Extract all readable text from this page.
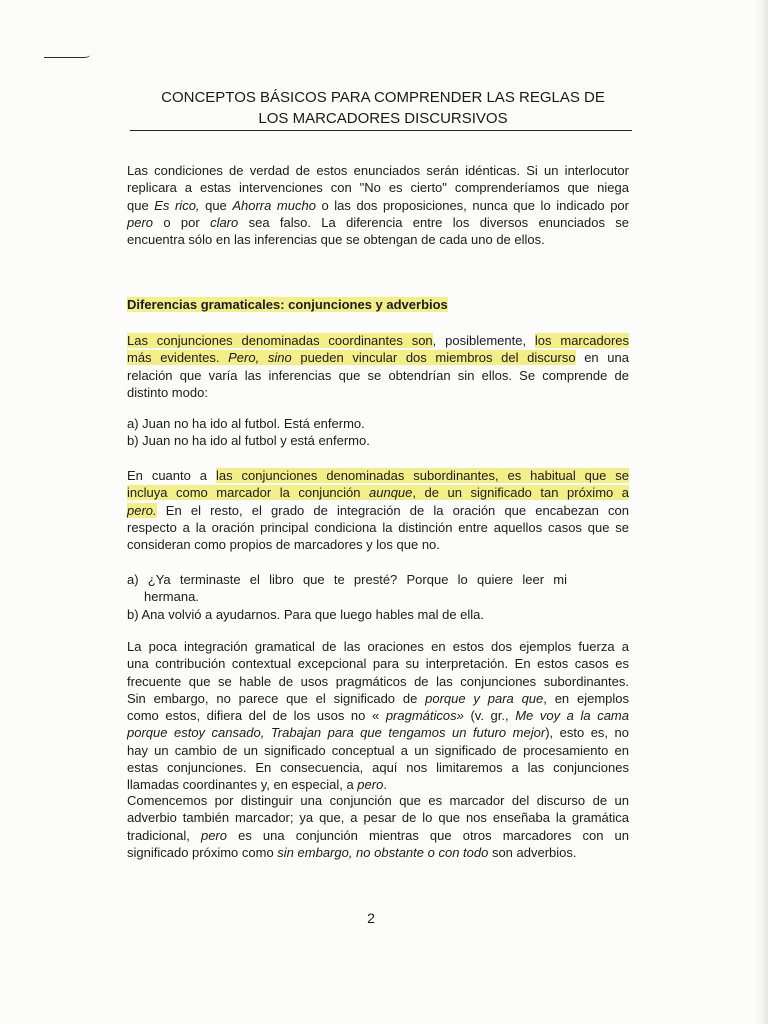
CONCEPTOS BÁSICOS PARA COMPRENDER LAS REGLAS DE
LOS MARCADORES DISCURSIVOS
Las condiciones de verdad de estos enunciados serán idénticas. Si un interlocutor
replicara a estas intervenciones con "No es cierto" comprenderíamos que niega
que Es rico, que Ahorra mucho o las dos proposiciones, nunca que lo indicado por
pero o por claro sea falso. La diferencia entre los diversos enunciados se
encuentra sólo en las inferencias que se obtengan de cada uno de ellos.
Diferencias gramaticales: conjunciones y adverbios
Las conjunciones denominadas coordinantes son, posiblemente, los marcadores
más evidentes. Pero, sino pueden vincular dos miembros del discurso en una
relación que varía las inferencias que se obtendrían sin ellos. Se comprende de
distinto modo:
a) Juan no ha ido al futbol. Está enfermo.
b) Juan no ha ido al futbol y está enfermo.
En cuanto a las conjunciones denominadas subordinantes, es habitual que se
incluya como marcador la conjunción aunque, de un significado tan próximo a
pero. En el resto, el grado de integración de la oración que encabezan con
respecto a la oración principal condiciona la distinción entre aquellos casos que se
consideran como propios de marcadores y los que no.
a) ¿Ya terminaste el libro que te presté? Porque lo quiere leer mi
hermana.
b) Ana volvió a ayudarnos. Para que luego hables mal de ella.
La poca integración gramatical de las oraciones en estos dos ejemplos fuerza a
una contribución contextual excepcional para su interpretación. En estos casos es
frecuente que se hable de usos pragmáticos de las conjunciones subordinantes.
Sin embargo, no parece que el significado de porque y para que, en ejemplos
como estos, difiera del de los usos no « pragmáticos» (v. gr., Me voy a la cama
porque estoy cansado, Trabajan para que tengamos un futuro mejor), esto es, no
hay un cambio de un significado conceptual a un significado de procesamiento en
estas conjunciones. En consecuencia, aquí nos limitaremos a las conjunciones
llamadas coordinantes y, en especial, a pero.
Comencemos por distinguir una conjunción que es marcador del discurso de un
adverbio también marcador; ya que, a pesar de lo que nos enseñaba la gramática
tradicional, pero es una conjunción mientras que otros marcadores con un
significado próximo como sin embargo, no obstante o con todo son adverbios.
2
